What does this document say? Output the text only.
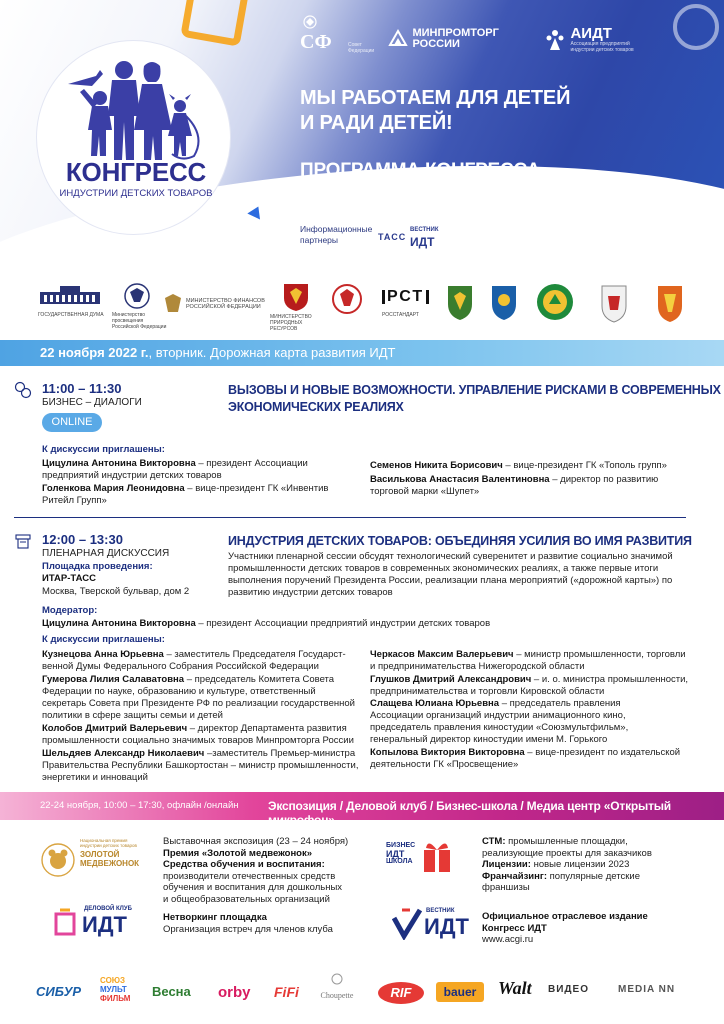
КОНГРЕСС
ИНДУСТРИИ ДЕТСКИХ ТОВАРОВ
СФ	Совет Федерации
МИНПРОМТОРГ
РОССИИ
АИДТ
Ассоциация предприятий индустрии детских товаров
МЫ РАБОТАЕМ ДЛЯ ДЕТЕЙ
И РАДИ ДЕТЕЙ!
ПРОГРАММА КОНГРЕССА
22 - 24 ноября 2022 г. | Федеральный этап | congress-idt.ru
Информационные партнеры	ТАСС
ВЕСТНИК
ИДТ
ГОСУДАРСТВЕННАЯ ДУМА	Министерство просвещения Российской Федерации
МИНИСТЕРСТВО ФИНАНСОВ РОССИЙСКОЙ ФЕДЕРАЦИИ
МИНИСТЕРСТВО ПРИРОДНЫХ РЕСУРСОВ
РСТ
РОССТАНДАРТ
22 ноября 2022 г., вторник. Дорожная карта развития ИДТ
11:00 – 11:30
БИЗНЕС – ДИАЛОГИ
ONLINE
ВЫЗОВЫ И НОВЫЕ ВОЗМОЖНОСТИ. УПРАВЛЕНИЕ РИСКАМИ В СОВРЕМЕННЫХ
ЭКОНОМИЧЕСКИХ РЕАЛИЯХ
К дискуссии приглашены:
Цицулина Антонина Викторовна – президент Ассоциации
предприятий индустрии детских товаров
Голенкова Мария Леонидовна – вице-президент ГК «Инвентив
Ритейл Групп»
Семенов Никита Борисович – вице-президент ГК «Тополь групп»
Василькова Анастасия Валентиновна – директор по развитию
торговой марки «Шупет»
12:00 – 13:30
ПЛЕНАРНАЯ ДИСКУССИЯ
Площадка проведения:
ИТАР-ТАСС
Москва, Тверской бульвар, дом 2
ИНДУСТРИЯ ДЕТСКИХ ТОВАРОВ: ОБЪЕДИНЯЯ УСИЛИЯ ВО ИМЯ РАЗВИТИЯ
Участники пленарной сессии обсудят технологический суверенитет и развитие социально значимой
промышленности детских товаров в современных экономических реалиях, а также первые итоги
выполнения поручений Президента России, реализации плана мероприятий («дорожной карты») по
развитию индустрии детских товаров
Модератор:
Цицулина Антонина Викторовна – президент Ассоциации предприятий индустрии детских товаров
К дискуссии приглашены:
Кузнецова Анна Юрьевна – заместитель Председателя Государст-
венной Думы Федерального Собрания Российской Федерации
Гумерова Лилия Салаватовна – председатель Комитета Совета
Федерации по науке, образованию и культуре, ответственный
секретарь Совета при Президенте РФ по реализации государственной
политики в сфере защиты семьи и детей
Колобов Дмитрий Валерьевич – директор Департамента развития
промышленности социально значимых товаров Минпромторга России
Шельдяев Александр Николаевич –заместитель Премьер-министра
Правительства Республики Башкортостан – министр промышленности,
энергетики и инноваций
Черкасов Максим Валерьевич – министр промышленности, торговли
и предпринимательства Нижегородской области
Глушков Дмитрий Александрович – и. о. министра промышленности,
предпринимательства и торговли Кировской области
Слащева Юлиана Юрьевна – председатель правления
Ассоциации организаций индустрии анимационного кино,
председатель правления киностудии «Союзмультфильм»,
генеральный директор киностудии имени М. Горького
Копылова Виктория Викторовна – вице-президент по издательской
деятельности ГК «Просвещение»
22-24 ноября, 10:00 – 17:30, офлайн /онлайн Экспозиция / Деловой клуб / Бизнес-школа / Медиа центр «Открытый микрофон»
Национальная премия индустрии детских товаров
ЗОЛОТОЙ
МЕДВЕЖОНОК
ДЕЛОВОЙ КЛУБ
ИДТ
Выставочная экспозиция (23 – 24 ноября)
Премия «Золотой медвежонок»
Средства обучения и воспитания:
производители отечественных средств
обучения и воспитания для дошкольных
и общеобразовательных организаций
Нетворкинг площадка
Организация встреч для членов клуба
БИЗНЕС
ИДТ
ШКОЛА
ВЕСТНИК
ИДТ
СТМ: промышленные площадки,
реализующие проекты для заказчиков
Лицензии: новые лицензии 2023
Франчайзинг: популярные детские
франшизы
Официальное отраслевое издание
Конгресс ИДТ
www.acgi.ru
СИБУР
СОЮЗ
МУЛЬТ
ФИЛЬМ Весна orby FiFi	Choupette	RIF	bauer	Walt ВИДЕО	MEDIA NN
